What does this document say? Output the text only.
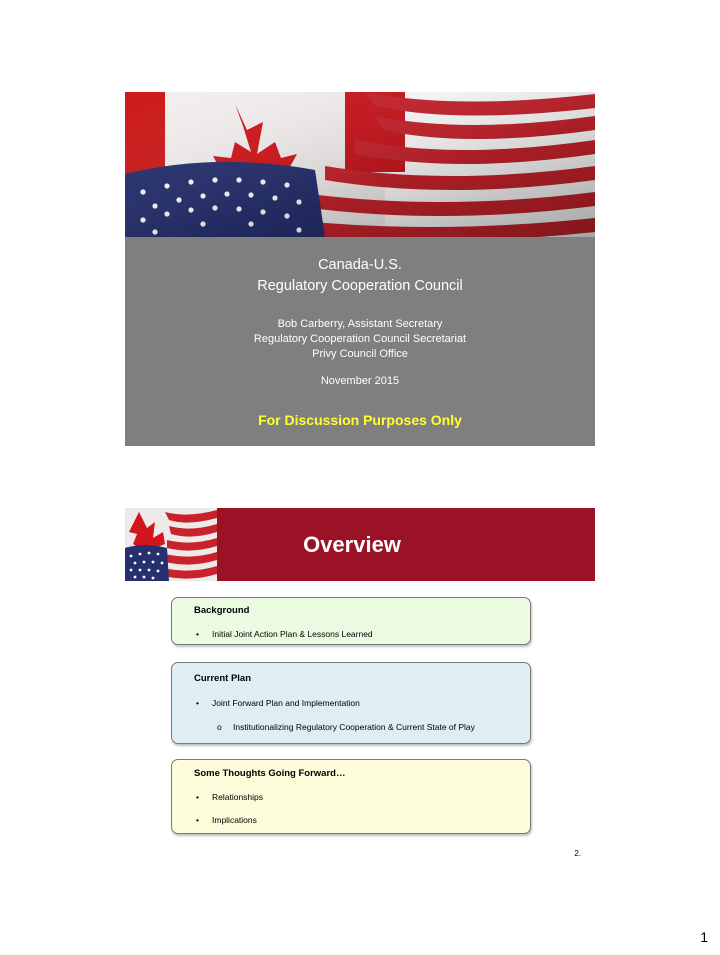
Canada-U.S.
Regulatory Cooperation Council
Bob Carberry, Assistant Secretary
Regulatory Cooperation Council Secretariat
Privy Council Office
November 2015
For Discussion Purposes Only
Overview
Background
• Initial Joint Action Plan & Lessons Learned
Current Plan
• Joint Forward Plan and Implementation
o Institutionalizing Regulatory Cooperation & Current State of Play
Some Thoughts Going Forward…
• Relationships
• Implications
2.
1
